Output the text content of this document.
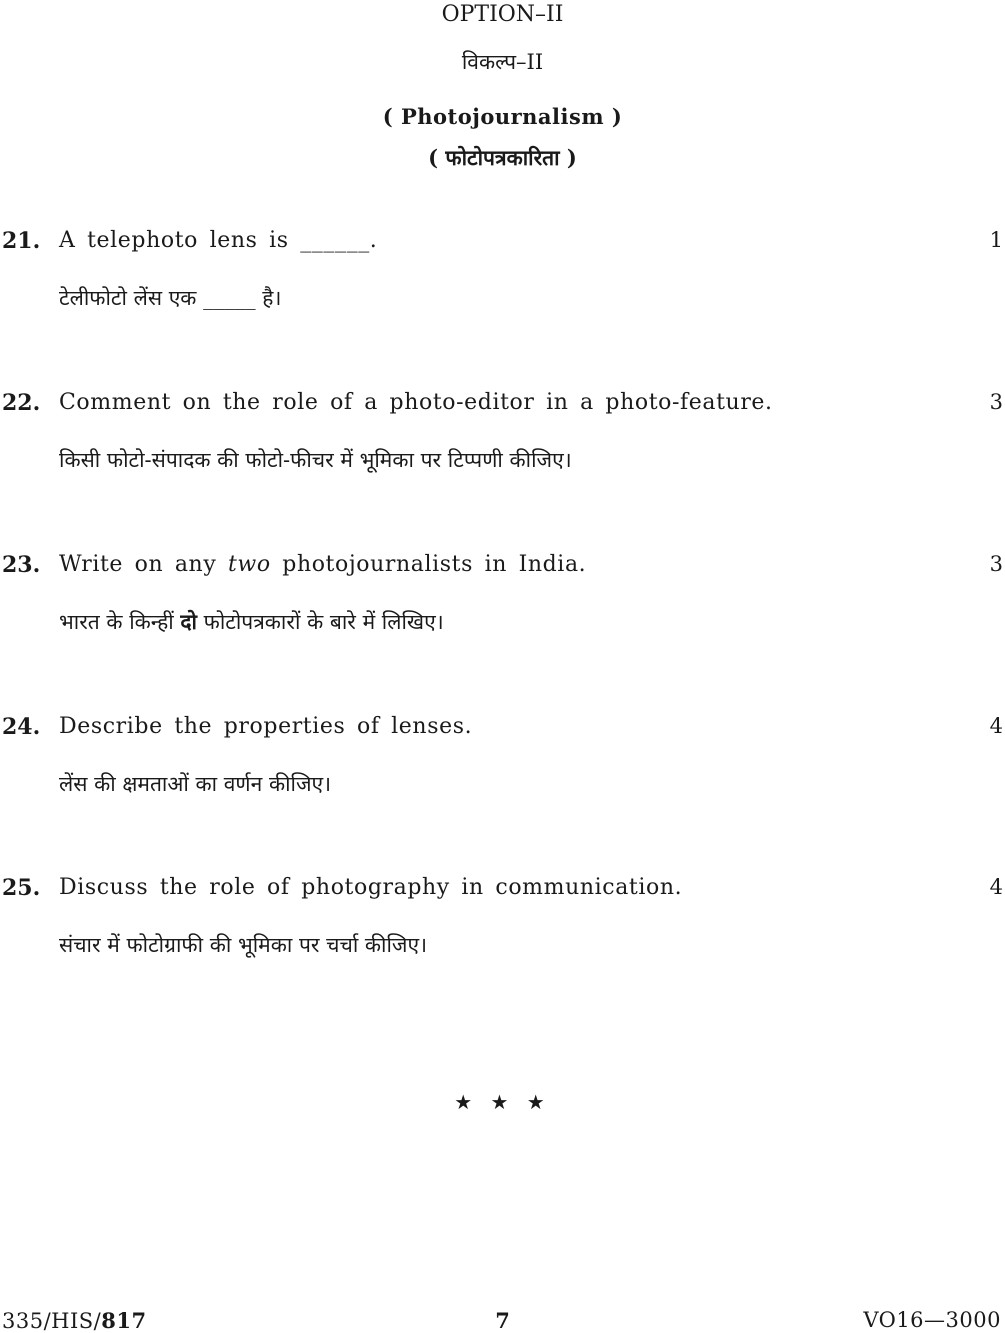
OPTION–II
विकल्प–II
( Photojournalism )
( फोटोपत्रकारिता )
21. A telephoto lens is ______.	1
टेलीफोटो लेंस एक _____ है।
22. Comment on the role of a photo-editor in a photo-feature.	3
किसी फोटो-संपादक की फोटो-फीचर में भूमिका पर टिप्पणी कीजिए।
23. Write on any two photojournalists in India.	3
भारत के किन्हीं दो फोटोपत्रकारों के बारे में लिखिए।
24. Describe the properties of lenses.	4
लेंस की क्षमताओं का वर्णन कीजिए।
25. Discuss the role of photography in communication.	4
संचार में फोटोग्राफी की भूमिका पर चर्चा कीजिए।
★ ★ ★
335/HIS/817	7	VO16—3000
